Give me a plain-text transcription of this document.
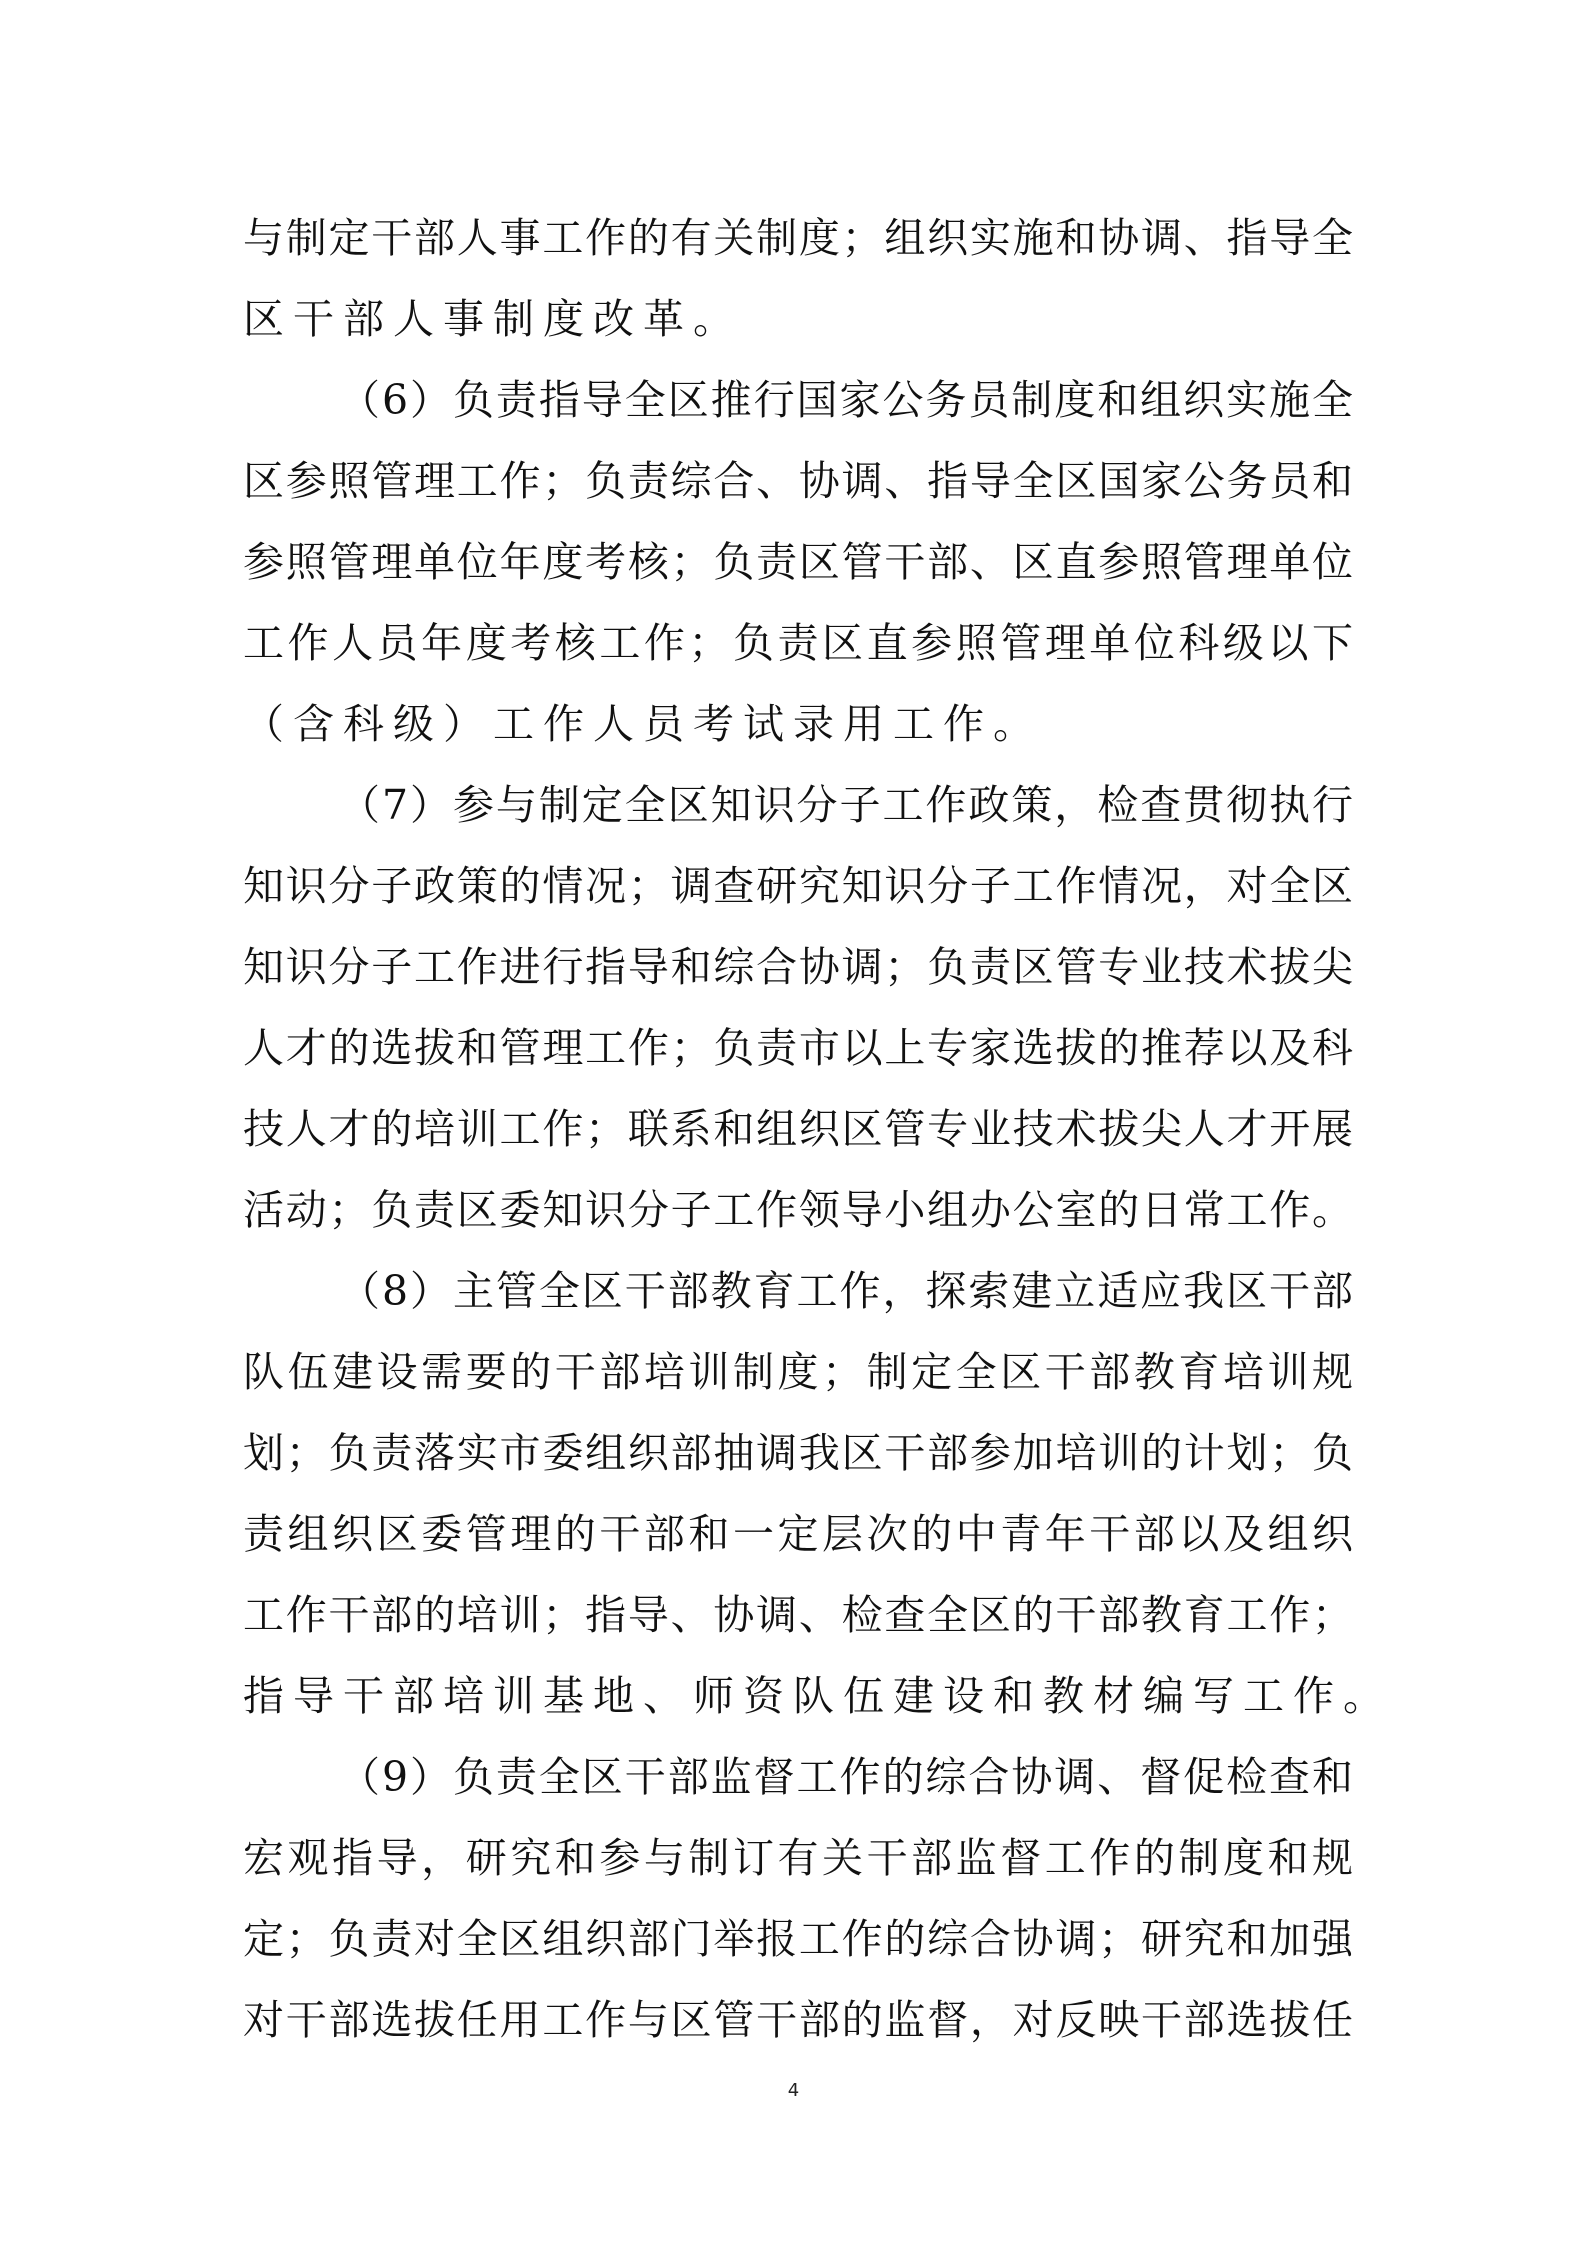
与制定干部人事工作的有关制度；组织实施和协调、指导全
区干部人事制度改革。
（6）负责指导全区推行国家公务员制度和组织实施全
区参照管理工作；负责综合、协调、指导全区国家公务员和
参照管理单位年度考核；负责区管干部、区直参照管理单位
工作人员年度考核工作；负责区直参照管理单位科级以下
（含科级）工作人员考试录用工作。
（7）参与制定全区知识分子工作政策，检查贯彻执行
知识分子政策的情况；调查研究知识分子工作情况，对全区
知识分子工作进行指导和综合协调；负责区管专业技术拔尖
人才的选拔和管理工作；负责市以上专家选拔的推荐以及科
技人才的培训工作；联系和组织区管专业技术拔尖人才开展
活动；负责区委知识分子工作领导小组办公室的日常工作。
（8）主管全区干部教育工作，探索建立适应我区干部
队伍建设需要的干部培训制度；制定全区干部教育培训规
划；负责落实市委组织部抽调我区干部参加培训的计划；负
责组织区委管理的干部和一定层次的中青年干部以及组织
工作干部的培训；指导、协调、检查全区的干部教育工作；
指导干部培训基地、师资队伍建设和教材编写工作。
（9）负责全区干部监督工作的综合协调、督促检查和
宏观指导，研究和参与制订有关干部监督工作的制度和规
定；负责对全区组织部门举报工作的综合协调；研究和加强
对干部选拔任用工作与区管干部的监督，对反映干部选拔任
4
